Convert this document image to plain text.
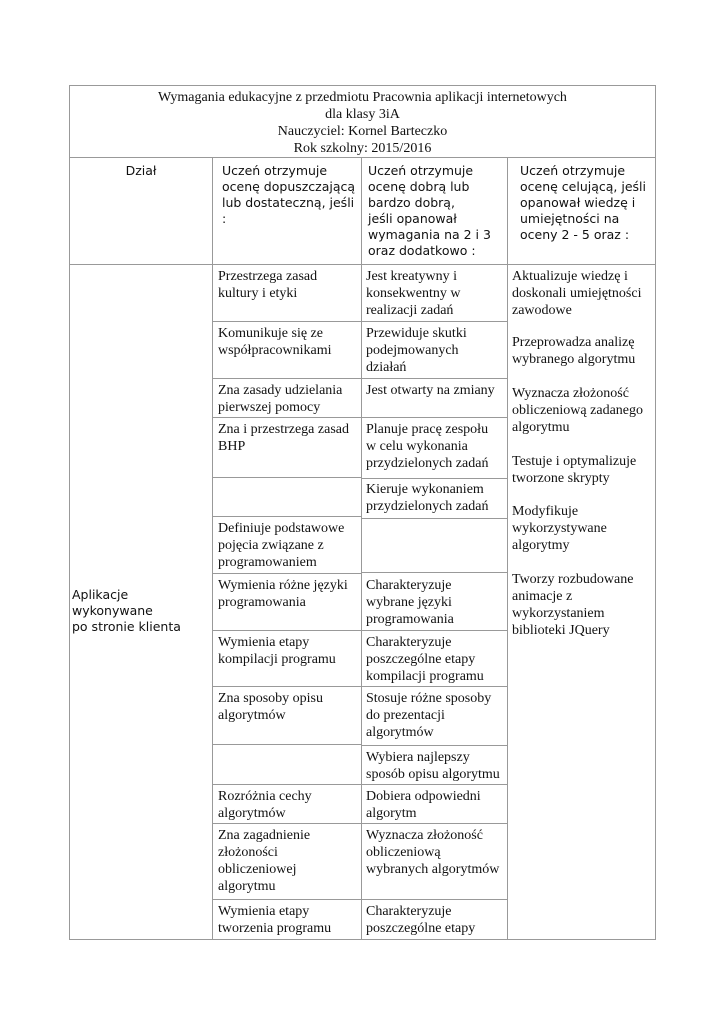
Wymagania edukacyjne z przedmiotu Pracownia aplikacji internetowych
dla klasy 3iA
Nauczyciel: Kornel Barteczko
Rok szkolny: 2015/2016
Dział	Uczeń otrzymuje
ocenę dopuszczającą
lub dostateczną, jeśli :
Uczeń otrzymuje
ocenę dobrą lub
bardzo dobrą,
jeśli opanował
wymagania na 2 i 3
oraz dodatkowo :
Uczeń otrzymuje
ocenę celującą, jeśli
opanował wiedzę i
umiejętności na
oceny 2 - 5 oraz :
Aplikacje wykonywane
po stronie klienta
Przestrzega zasad
kultury i etyki
Komunikuje się ze
współpracownikami
Zna zasady udzielania
pierwszej pomocy
Zna i przestrzega zasad
BHP
Definiuje podstawowe
pojęcia związane z
programowaniem
Wymienia różne języki
programowania
Wymienia etapy
kompilacji programu
Zna sposoby opisu
algorytmów
Rozróżnia cechy
algorytmów
Zna zagadnienie
złożoności
obliczeniowej
algorytmu
Wymienia etapy
tworzenia programu
Jest kreatywny i
konsekwentny w
realizacji zadań
Przewiduje skutki
podejmowanych
działań
Jest otwarty na zmiany
Planuje pracę zespołu
w celu wykonania
przydzielonych zadań
Kieruje wykonaniem
przydzielonych zadań
Charakteryzuje
wybrane języki
programowania
Charakteryzuje
poszczególne etapy
kompilacji programu
Stosuje różne sposoby
do prezentacji
algorytmów
Wybiera najlepszy
sposób opisu algorytmu
Dobiera odpowiedni
algorytm
Wyznacza złożoność
obliczeniową
wybranych algorytmów
Charakteryzuje
poszczególne etapy
Aktualizuje wiedzę i
doskonali umiejętności
zawodowe
Przeprowadza analizę
wybranego algorytmu
Wyznacza złożoność
obliczeniową zadanego
algorytmu
Testuje i optymalizuje
tworzone skrypty
Modyfikuje
wykorzystywane
algorytmy
Tworzy rozbudowane
animacje z
wykorzystaniem
biblioteki JQuery
